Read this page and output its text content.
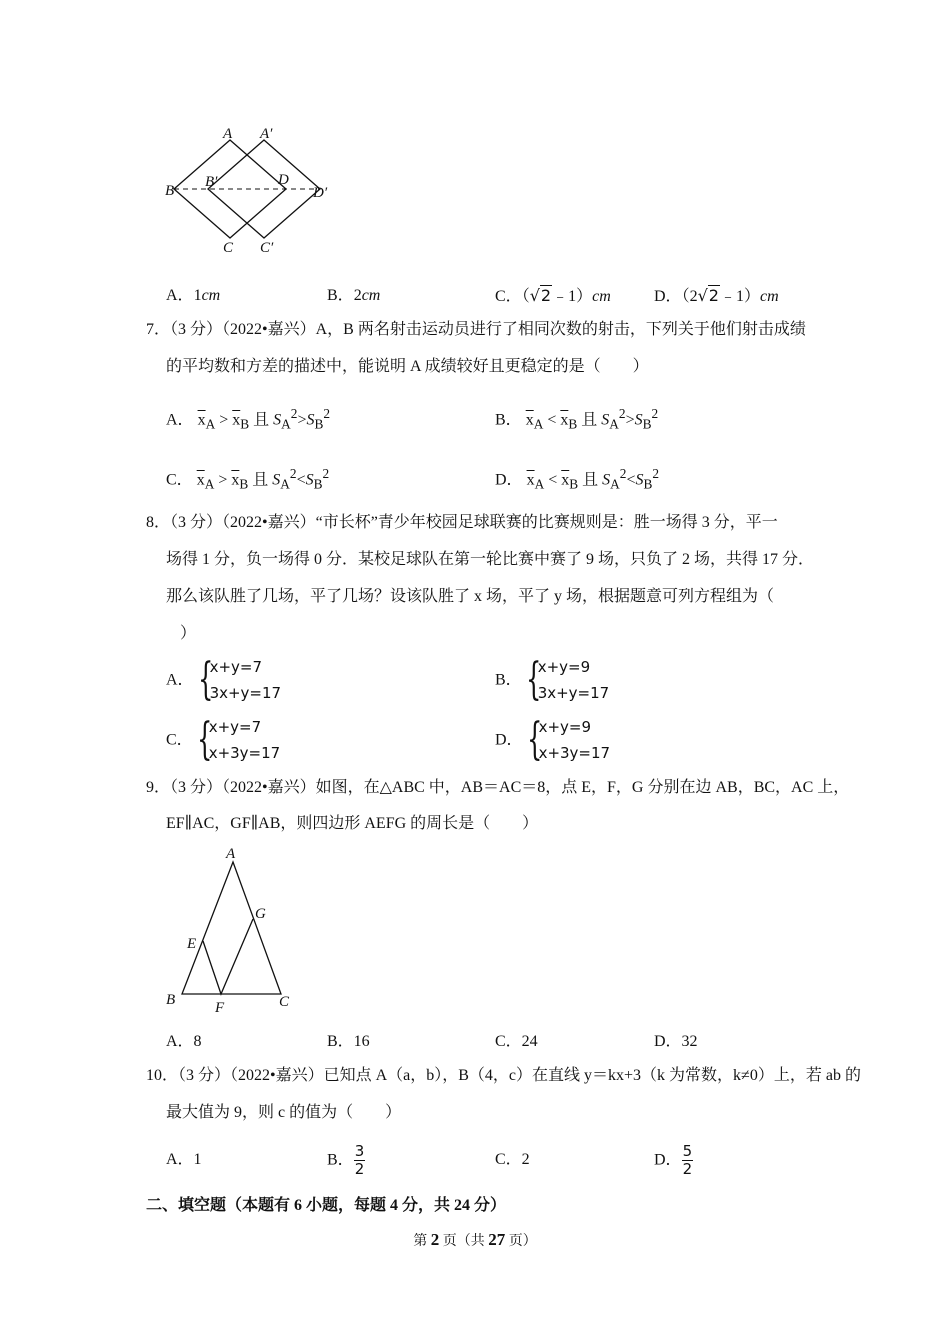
A A′
B
B′	D
D′
C C′
A．1cm	B．2cm	C．（√2﹣1）cm	D．（2√2﹣1）cm
7．（3 分）（2022•嘉兴）A，B 两名射击运动员进行了相同次数的射击，下列关于他们射击成绩
的平均数和方差的描述中，能说明 A 成绩较好且更稳定的是（　　）
A． $\overline{x}_A > \overline{x}_B$ 且 $S_A^2>S_B^2$	B． $\overline{x}_A < \overline{x}_B$ 且 $S_A^2>S_B^2$
C． $\overline{x}_A > \overline{x}_B$ 且 $S_A^2<S_B^2$	D． $\overline{x}_A < \overline{x}_B$ 且 $S_A^2<S_B^2$
8．（3 分）（2022•嘉兴）“市长杯”青少年校园足球联赛的比赛规则是：胜一场得 3 分，平一
场得 1 分，负一场得 0 分．某校足球队在第一轮比赛中赛了 9 场，只负了 2 场，共得 17 分．
那么该队胜了几场，平了几场？设该队胜了 x 场，平了 y 场，根据题意可列方程组为（
）
A． {
x+y=7
3x+y=17
B． {
x+y=9
3x+y=17
C． {
x+y=7
x+3y=17
D． {
x+y=9
x+3y=17
9．（3 分）（2022•嘉兴）如图，在△ABC 中，AB＝AC＝8，点 E，F，G 分别在边 AB，BC，AC 上，
EF∥AC，GF∥AB，则四边形 AEFG 的周长是（　　）
A
B	C
E
F
G
A．8	B．16	C．24	D．32
10．（3 分）（2022•嘉兴）已知点 A（a，b），B（4，c）在直线 y＝kx+3（k 为常数，k≠0）上，若 ab 的
最大值为 9，则 c 的值为（　　）
A．1	B． $\frac{3}{2}$	C．2	D． $\frac{5}{2}$
二、填空题（本题有 6 小题，每题 4 分，共 24 分）
第 2 页（共 27 页）
